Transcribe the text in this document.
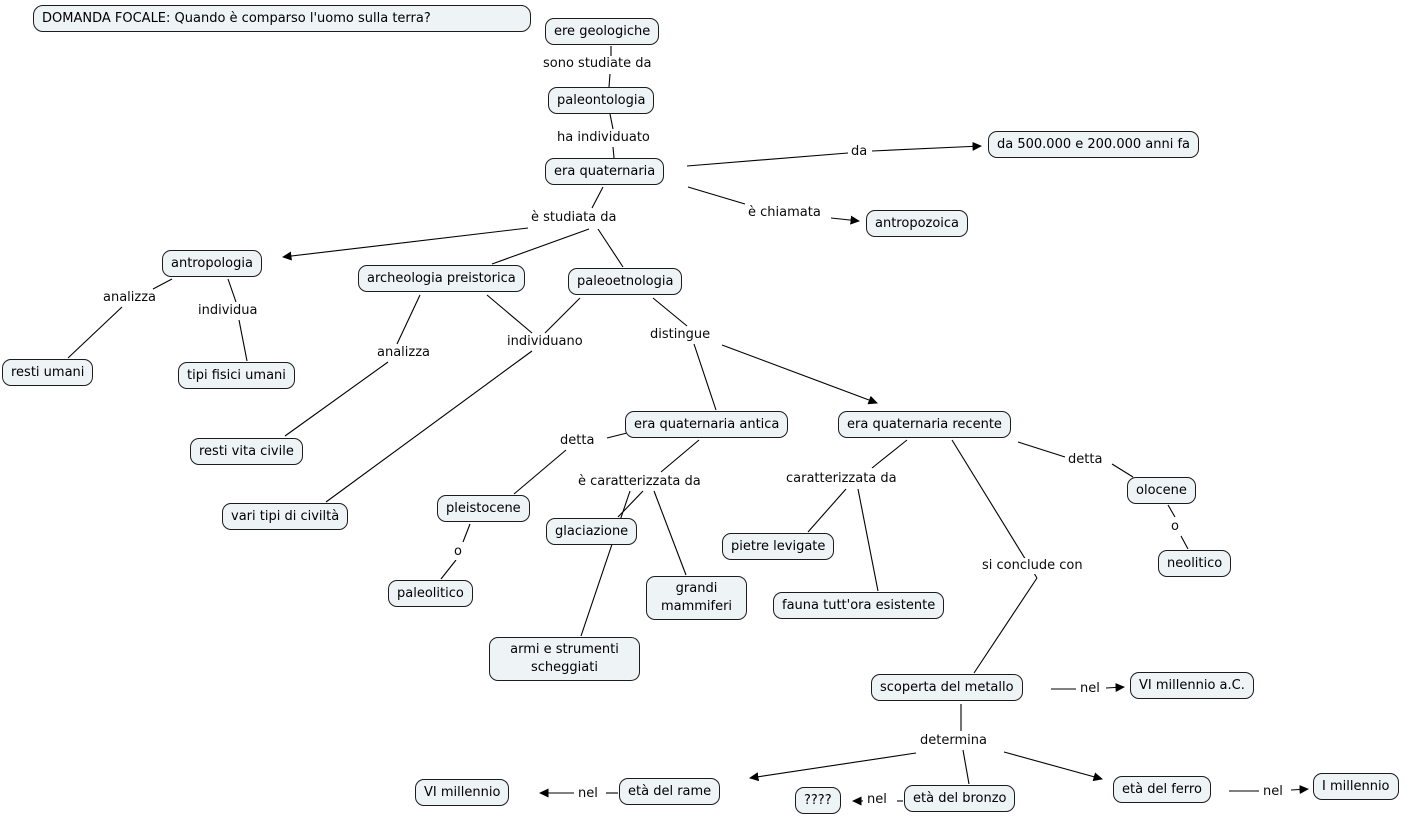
DOMANDA FOCALE: Quando è comparso l'uomo sulla terra?
ere geologiche
paleontologia
era quaternaria
da 500.000 e 200.000 anni fa
antropozoica
antropologia
archeologia preistorica	paleoetnologia
resti umani	tipi fisici umani
resti vita civile
vari tipi di civiltà
era quaternaria antica	era quaternaria recente
pleistocene
paleolitico
glaciazione
grandi mammiferi
armi e strumenti scheggiati
pietre levigate
fauna tutt'ora esistente
olocene
neolitico
scoperta del metallo	VI millennio a.C.
VI millennio	età del rame
????	età del bronzo
età del ferro	I millennio
sono studiate da
ha individuato
da
è chiamata
è studiata da
analizza
individua
analizza
individuano	distingue
detta
o
è caratterizzata da	caratterizzata da
detta
o
si conclude con
nel
determina
nel	nel
nel
